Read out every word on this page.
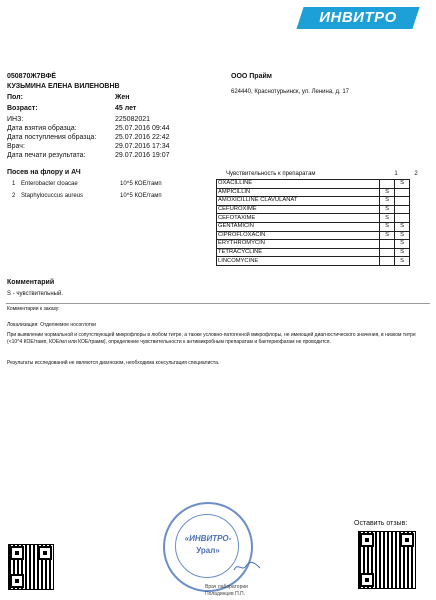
ИНВИТРО
050870Ж7ВФЁ
КУЗЬМИНА ЕЛЕНА ВИЛЕНОВНВ
Пол:	Жен
Возраст:	45 лет
ИНЗ:	225082021
Дата взятия образца:	25.07.2016 09:44
Дата поступления образца:	25.07.2016 22:42
Врач:	29.07.2016 17:34
Дата печати результата:	29.07.2016 19:07
ООО Прайм
624440, Краснотурьинск, ул. Ленина, д. 17
Посев на флору и АЧ
1 Enterobacter cloacae	10^5 КОЕ/тамп
2 Staphylocuccus aureus	10^5 КОЕ/тамп
Чувствительность к препаратам	1	2
OXACILLINE		S
AMPICILLIN	S	
AMOXICILLINE CLAVULANAT	S	
CEFUROXIME	S	
CEFOTAXIME	S	
GENTAMICIN	S	S
CIPROFLOXACIN	S	S
ERYTHROMYCIN		S
TETRACYCLINE		S
LINCOMYCINE		S
Комментарий
S - чувствительный.
Комментарии к заказу:
Локализация: Отделяемое носоглотки
При выявлении нормальной и сопутствующей микрофлоры в любом титре, а также условно-патогенной микрофлоры, не имеющей диагностического значения, в низком титре (<10^4 КОЕ/тамп, КОЕ/мл или КОЕ/грамм), определение чувствительности к антимикробным препаратам и бактериофагам не проводится.
Результаты исследований не являются диагнозом, необходима консультация специалиста.
Оставить отзыв:
«ИНВИТРО-
Урал»
Врач лаборатории
Поладинцев П.П.
